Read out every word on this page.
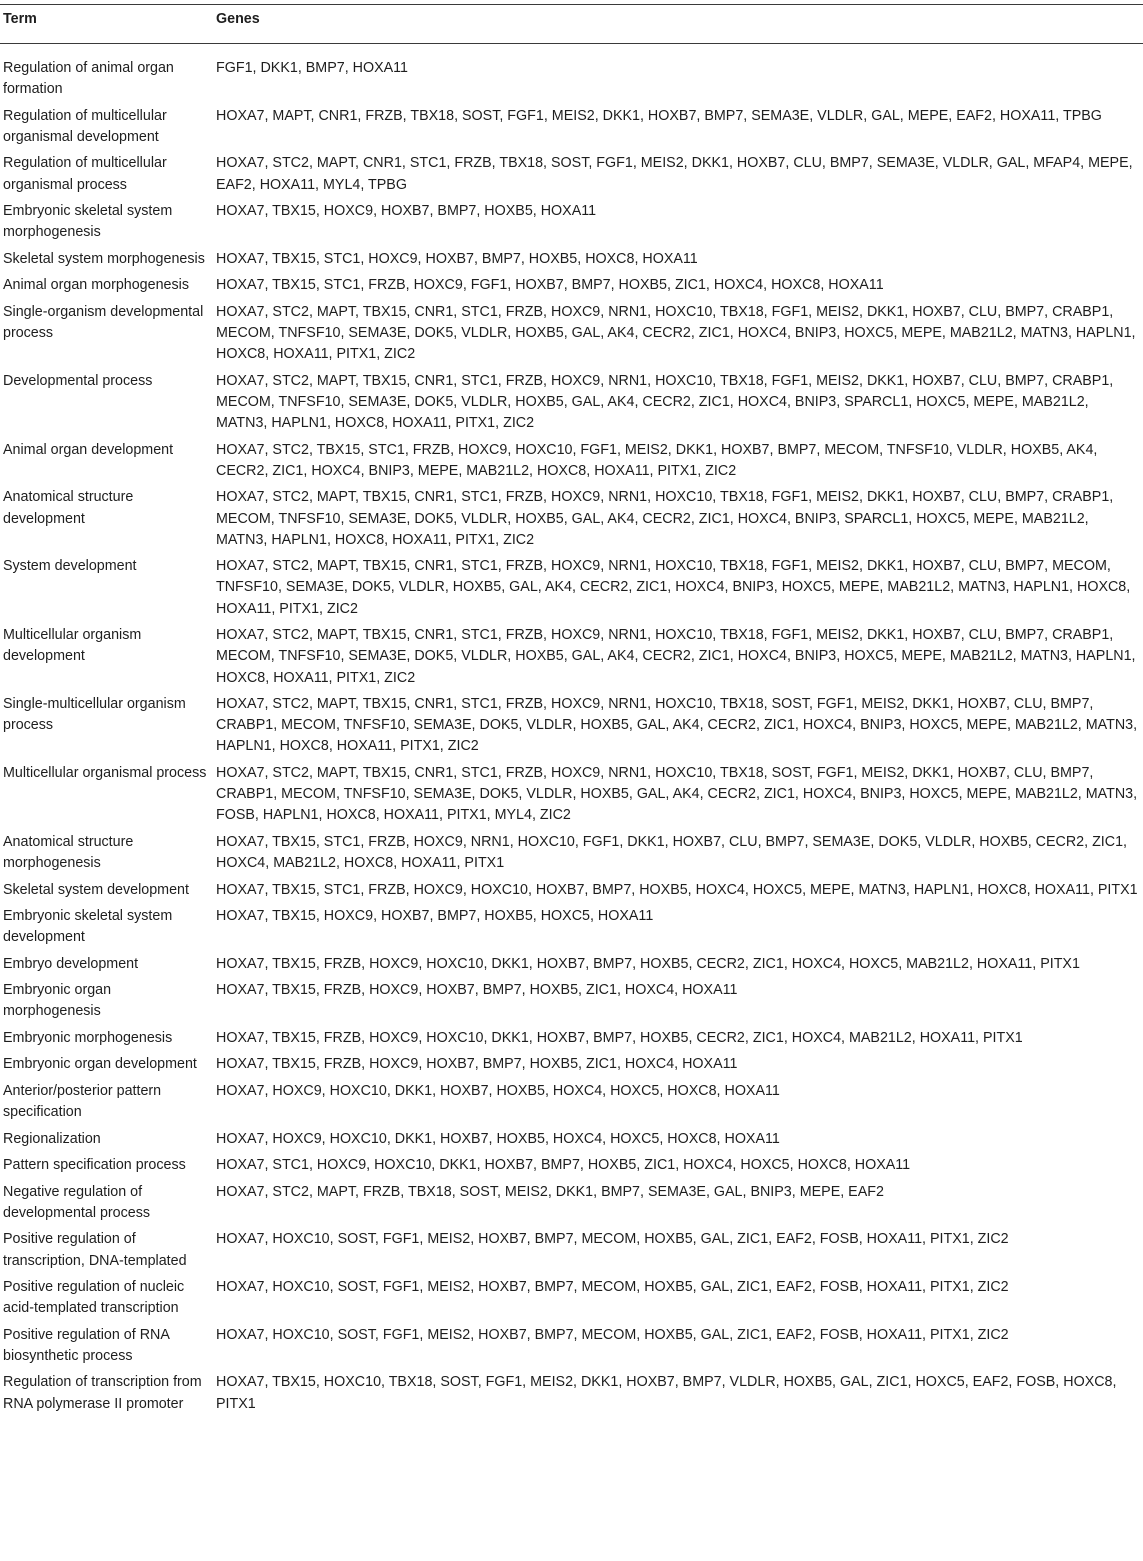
Term	Genes
Regulation of animal organ formation	FGF1, DKK1, BMP7, HOXA11
Regulation of multicellular organismal development	HOXA7, MAPT, CNR1, FRZB, TBX18, SOST, FGF1, MEIS2, DKK1, HOXB7, BMP7, SEMA3E, VLDLR, GAL, MEPE, EAF2, HOXA11, TPBG
Regulation of multicellular organismal process	HOXA7, STC2, MAPT, CNR1, STC1, FRZB, TBX18, SOST, FGF1, MEIS2, DKK1, HOXB7, CLU, BMP7, SEMA3E, VLDLR, GAL, MFAP4, MEPE, EAF2, HOXA11, MYL4, TPBG
Embryonic skeletal system morphogenesis	HOXA7, TBX15, HOXC9, HOXB7, BMP7, HOXB5, HOXA11
Skeletal system morphogenesis	HOXA7, TBX15, STC1, HOXC9, HOXB7, BMP7, HOXB5, HOXC8, HOXA11
Animal organ morphogenesis	HOXA7, TBX15, STC1, FRZB, HOXC9, FGF1, HOXB7, BMP7, HOXB5, ZIC1, HOXC4, HOXC8, HOXA11
Single-organism developmental process	HOXA7, STC2, MAPT, TBX15, CNR1, STC1, FRZB, HOXC9, NRN1, HOXC10, TBX18, FGF1, MEIS2, DKK1, HOXB7, CLU, BMP7, CRABP1, MECOM, TNFSF10, SEMA3E, DOK5, VLDLR, HOXB5, GAL, AK4, CECR2, ZIC1, HOXC4, BNIP3, HOXC5, MEPE, MAB21L2, MATN3, HAPLN1, HOXC8, HOXA11, PITX1, ZIC2
Developmental process	HOXA7, STC2, MAPT, TBX15, CNR1, STC1, FRZB, HOXC9, NRN1, HOXC10, TBX18, FGF1, MEIS2, DKK1, HOXB7, CLU, BMP7, CRABP1, MECOM, TNFSF10, SEMA3E, DOK5, VLDLR, HOXB5, GAL, AK4, CECR2, ZIC1, HOXC4, BNIP3, SPARCL1, HOXC5, MEPE, MAB21L2, MATN3, HAPLN1, HOXC8, HOXA11, PITX1, ZIC2
Animal organ development	HOXA7, STC2, TBX15, STC1, FRZB, HOXC9, HOXC10, FGF1, MEIS2, DKK1, HOXB7, BMP7, MECOM, TNFSF10, VLDLR, HOXB5, AK4, CECR2, ZIC1, HOXC4, BNIP3, MEPE, MAB21L2, HOXC8, HOXA11, PITX1, ZIC2
Anatomical structure development	HOXA7, STC2, MAPT, TBX15, CNR1, STC1, FRZB, HOXC9, NRN1, HOXC10, TBX18, FGF1, MEIS2, DKK1, HOXB7, CLU, BMP7, CRABP1, MECOM, TNFSF10, SEMA3E, DOK5, VLDLR, HOXB5, GAL, AK4, CECR2, ZIC1, HOXC4, BNIP3, SPARCL1, HOXC5, MEPE, MAB21L2, MATN3, HAPLN1, HOXC8, HOXA11, PITX1, ZIC2
System development	HOXA7, STC2, MAPT, TBX15, CNR1, STC1, FRZB, HOXC9, NRN1, HOXC10, TBX18, FGF1, MEIS2, DKK1, HOXB7, CLU, BMP7, MECOM, TNFSF10, SEMA3E, DOK5, VLDLR, HOXB5, GAL, AK4, CECR2, ZIC1, HOXC4, BNIP3, HOXC5, MEPE, MAB21L2, MATN3, HAPLN1, HOXC8, HOXA11, PITX1, ZIC2
Multicellular organism development	HOXA7, STC2, MAPT, TBX15, CNR1, STC1, FRZB, HOXC9, NRN1, HOXC10, TBX18, FGF1, MEIS2, DKK1, HOXB7, CLU, BMP7, CRABP1, MECOM, TNFSF10, SEMA3E, DOK5, VLDLR, HOXB5, GAL, AK4, CECR2, ZIC1, HOXC4, BNIP3, HOXC5, MEPE, MAB21L2, MATN3, HAPLN1, HOXC8, HOXA11, PITX1, ZIC2
Single-multicellular organism process	HOXA7, STC2, MAPT, TBX15, CNR1, STC1, FRZB, HOXC9, NRN1, HOXC10, TBX18, SOST, FGF1, MEIS2, DKK1, HOXB7, CLU, BMP7, CRABP1, MECOM, TNFSF10, SEMA3E, DOK5, VLDLR, HOXB5, GAL, AK4, CECR2, ZIC1, HOXC4, BNIP3, HOXC5, MEPE, MAB21L2, MATN3, HAPLN1, HOXC8, HOXA11, PITX1, ZIC2
Multicellular organismal process	HOXA7, STC2, MAPT, TBX15, CNR1, STC1, FRZB, HOXC9, NRN1, HOXC10, TBX18, SOST, FGF1, MEIS2, DKK1, HOXB7, CLU, BMP7, CRABP1, MECOM, TNFSF10, SEMA3E, DOK5, VLDLR, HOXB5, GAL, AK4, CECR2, ZIC1, HOXC4, BNIP3, HOXC5, MEPE, MAB21L2, MATN3, FOSB, HAPLN1, HOXC8, HOXA11, PITX1, MYL4, ZIC2
Anatomical structure morphogenesis	HOXA7, TBX15, STC1, FRZB, HOXC9, NRN1, HOXC10, FGF1, DKK1, HOXB7, CLU, BMP7, SEMA3E, DOK5, VLDLR, HOXB5, CECR2, ZIC1, HOXC4, MAB21L2, HOXC8, HOXA11, PITX1
Skeletal system development	HOXA7, TBX15, STC1, FRZB, HOXC9, HOXC10, HOXB7, BMP7, HOXB5, HOXC4, HOXC5, MEPE, MATN3, HAPLN1, HOXC8, HOXA11, PITX1
Embryonic skeletal system development	HOXA7, TBX15, HOXC9, HOXB7, BMP7, HOXB5, HOXC5, HOXA11
Embryo development	HOXA7, TBX15, FRZB, HOXC9, HOXC10, DKK1, HOXB7, BMP7, HOXB5, CECR2, ZIC1, HOXC4, HOXC5, MAB21L2, HOXA11, PITX1
Embryonic organ morphogenesis	HOXA7, TBX15, FRZB, HOXC9, HOXB7, BMP7, HOXB5, ZIC1, HOXC4, HOXA11
Embryonic morphogenesis	HOXA7, TBX15, FRZB, HOXC9, HOXC10, DKK1, HOXB7, BMP7, HOXB5, CECR2, ZIC1, HOXC4, MAB21L2, HOXA11, PITX1
Embryonic organ development	HOXA7, TBX15, FRZB, HOXC9, HOXB7, BMP7, HOXB5, ZIC1, HOXC4, HOXA11
Anterior/posterior pattern specification	HOXA7, HOXC9, HOXC10, DKK1, HOXB7, HOXB5, HOXC4, HOXC5, HOXC8, HOXA11
Regionalization	HOXA7, HOXC9, HOXC10, DKK1, HOXB7, HOXB5, HOXC4, HOXC5, HOXC8, HOXA11
Pattern specification process	HOXA7, STC1, HOXC9, HOXC10, DKK1, HOXB7, BMP7, HOXB5, ZIC1, HOXC4, HOXC5, HOXC8, HOXA11
Negative regulation of developmental process	HOXA7, STC2, MAPT, FRZB, TBX18, SOST, MEIS2, DKK1, BMP7, SEMA3E, GAL, BNIP3, MEPE, EAF2
Positive regulation of transcription, DNA-templated	HOXA7, HOXC10, SOST, FGF1, MEIS2, HOXB7, BMP7, MECOM, HOXB5, GAL, ZIC1, EAF2, FOSB, HOXA11, PITX1, ZIC2
Positive regulation of nucleic acid-templated transcription	HOXA7, HOXC10, SOST, FGF1, MEIS2, HOXB7, BMP7, MECOM, HOXB5, GAL, ZIC1, EAF2, FOSB, HOXA11, PITX1, ZIC2
Positive regulation of RNA biosynthetic process	HOXA7, HOXC10, SOST, FGF1, MEIS2, HOXB7, BMP7, MECOM, HOXB5, GAL, ZIC1, EAF2, FOSB, HOXA11, PITX1, ZIC2
Regulation of transcription from RNA polymerase II promoter	HOXA7, TBX15, HOXC10, TBX18, SOST, FGF1, MEIS2, DKK1, HOXB7, BMP7, VLDLR, HOXB5, GAL, ZIC1, HOXC5, EAF2, FOSB, HOXC8, PITX1
